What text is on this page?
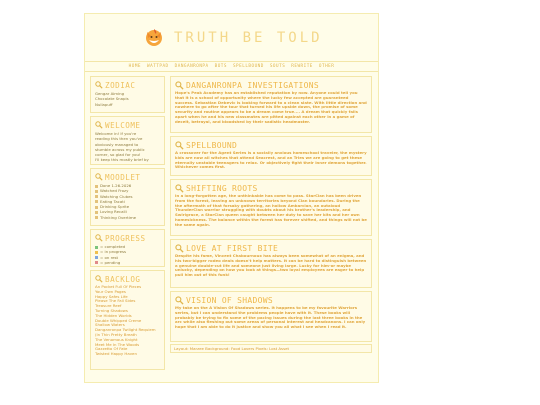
TRUTH BE TOLD
HOME WATTPAD DANGANRONPA BOTS SPELLBOUND SOUTS REWRITE OTHER
ZODIAC
Gengar Aiming
Chocolate Snapis
Nullapuff
WELCOME
Welcome in! If you're
reading this then you've
obviously managed to
stumble across my public
corner, so glad for you!
I'll keep this mostly brief by
MOODLET
Done 1.26.2026
Watched Frozy
Watching Clubes
Eating Tacati
Drinking Sprite
Loving Recalli
Thinking Overtime
PROGRESS
= completed
= in progress
= on rest
= pending
BACKLOG
An Pocket Full Of Pieces
Your Own Pages
Happy Safes Life
Please The Fall Sides
Treasure Reef
Turning Shadows
The Hidden Worlds
Double Whipped Creme
Shallow Waters
Danganronpa Twilight Requiem (In Thin Pretty Breath
The Venomous Knight
Meet Me In The Woods
Gazzetto Of Fate
Twisted Happy Haven
DANGANRONPA INVESTIGATIONS
Hope's Peak Academy has an established reputation by now. Anyone could tell you that it is a school of opportunity where the lucky few accepted are guaranteed success. Sebastian Debevic is looking forward to a clean slate. With little direction and nowhere to go after the tour that turned his life upside down, the promise of some security and routine appears to be a dream come true.... A dream that quickly falls apart when he and his new classmates are pitted against each other in a game of deceit, betrayal, and bloodshed by their sadistic headmaster.
SPELLBOUND
A crossover for the Agent Series is a socially anxious homeschool traveler, the mystery kids are now all witches that attend Seacrest, and an Tries we are going to get these eternally unstable teenagers to relax. Or objectively fight their inner demons together. Whichever comes first.
SHIFTING ROOTS
In a long-forgotten age, the unthinkable has come to pass. StarClan has been driven from the forest, leaving an unknown territories beyond Clan boundaries. During the the aftermath of that forsaky gathering, an hollow Ambarclan, an outaloud ThunderClan warrior struggling with doubts about his brother's leadership, and Swirlgrace, a StarClan queen caught between her duty to save her kits and her own homesickness. The balance within the forest has forever shifted, and things will not be the same again.
LOVE AT FIRST BITE
Despite his fame, Vincent Chabournoux has always been somewhat of an enigma, and his two-bigger rodeo deals doesn't help matters. It can be hard to distinguish between a genuine double-cut life and someone just living large. Lucky for him-or maybe unlucky, depending on how you look at things—two loyal employees are eager to help pull him out of this funk!
VISION OF SHADOWS
My take on the A Vision Of Shadows series. It happens to be my favourite Warriors series, but I can understand the problems people have with it. These books will probably be trying to fix some of the pacing issues during the last three books in the arc while also fleshing out some areas of personal interest and headcanons. I can only hope that I am able to do it justice and show you all what I see when I read it.
Layout: Marzee Background: Food Lovers Pixels: Lost Asset
